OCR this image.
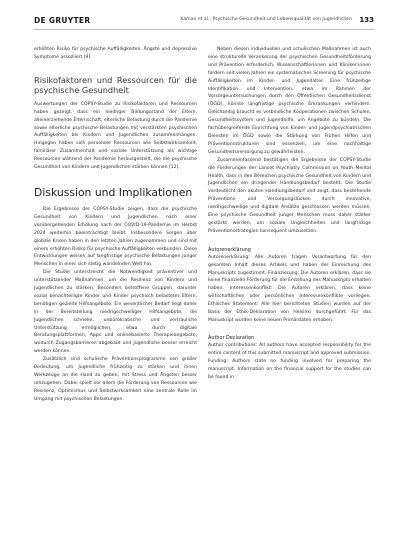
DE GRUYTER	Kaman et al.: Psychische Gesundheit und Lebensqualität von Jugendlichen 133

erhöhten Risiko für psychische Auffälligkeiten, Ängste und depressive Symptome assoziiert [9].

Risikofaktoren und Ressourcen für die psychische Gesundheit

Auswertungen der COPSY-Studie zu Risikofaktoren und Ressourcen haben gezeigt, dass ein niedriger Bildungsstand der Eltern, alleinerziehende Elternschaft, elterliche Belastung durch die Pandemie sowie elterliche psychische Belastungen mit verstärkten psychischen Auffälligkeiten bei Kindern und Jugendlichen zusammenhängen. Hingegen haben sich personale Ressourcen wie Selbstwirksamkeit, familiärer Zusammenhalt und soziale Unterstützung als wichtige Ressourcen während der Pandemie herausgestellt, die die psychische Gesundheit von Kindern und Jugendlichen stärken können [12].

Diskussion und Implikationen

Die Ergebnisse der COPSY-Studie zeigen, dass die psychische Gesundheit von Kindern und Jugendlichen nach einer vorübergehenden Erholung nach der COVID-19-Pandemie im Herbst 2024 weiterhin beeinträchtigt bleibt. Insbesondere Sorgen über globale Krisen haben in den letzten Jahren zugenommen und sind mit einem erhöhten Risiko für psychische Auffälligkeiten verbunden. Diese Entwicklungen weisen auf langfristige psychische Belastungen junger Menschen in einer sich stetig wandelnden Welt hin.

Die Studie unterstreicht die Notwendigkeit präventiver und unterstützender Maßnahmen, um die Resilienz von Kindern und Jugendlichen zu stärken. Besonders betroffene Gruppen, darunter sozial benachteiligte Kinder und Kinder psychisch belasteter Eltern, benötigen gezielte Hilfsangebote. Ein wesentlicher Bedarf liegt daher in der Bereitstellung niedrigschwelliger Hilfsangebote, die Jugendlichen schnelle, unbürokratische und vertrauliche Unterstützung ermöglichen, etwa durch digitale Beratungsplattformen, Apps und onlinebasierte Therapieangebote, wodurch Zugangsbarrieren abgebaut und Jugendliche besser erreicht werden können.

Zusätzlich sind schulische Präventionsprogramme von großer Bedeutung, um Jugendliche frühzeitig zu stärken und ihnen Werkzeuge an die Hand zu geben, mit Stress und Ängsten besser umzugehen. Dabei spielt vor allem die Förderung von Ressourcen wie Resilienz, Optimismus und Selbstwirksamkeit eine zentrale Rolle im Umgang mit psychischen Belastungen.

Neben diesen individuellen und schulischen Maßnahmen ist auch eine strukturelle Verankerung der psychischen Gesundheitsförderung und Prävention erforderlich. Wissenschaftlerinnen und Kliniker:innen fordern seit vielen Jahren ein systematisches Screening für psychische Auffälligkeiten im Kinder- und Jugendalter. Eine frühzeitige Identifikation und Intervention, etwa im Rahmen der Vorsorgeuntersuchungen durch den Öffentlichen Gesundheitsdienst (ÖGD), könnte langfristige psychische Erkrankungen verhindern. Gleichzeitig braucht es verbindliche Kooperationen zwischen Schulen, Gesundheitssystem und Jugendhilfe, um Angebote zu bündeln. Die fachübergreifende Einrichtung von Kinder- und Jugendpsychiatrischen Diensten im ÖGD sowie die Stärkung von Frühen Hilfen und Präventionsstrukturen sind essenziell, um eine nachhaltige Gesundheitsversorgung zu gewährleisten.

Zusammenfassend bestätigen die Ergebnisse der COPSY-Studie die Forderungen der Lancet Psychiatry Commission on Youth Mental Health, dass in den Bereichen psychische Gesundheit von Kindern und Jugendlichen ein dringender Handlungsbedarf besteht. Die Studie verdeutlicht den akuten Handlungsbedarf und zeigt, dass bestehende Präventions- und Versorgungslücken durch innovative, niedrigschwellige und digitale Ansätze geschlossen werden müssen. Eine psychische Gesundheit junger Menschen muss daher stärker gestärkt werden, um soziale Ungleichheiten und langfristige Präventionsstrategien konsequent umzusetzen.

Autorenerklärung

Autorenerklärung: Alle Autoren tragen Verantwortung für den gesamten Inhalt dieses Artikels und haben der Einreichung des Manuskripts zugestimmt. Finanzierung: Die Autoren erklären, dass sie keine finanzielle Förderung für die Erstellung des Manuskripts erhalten haben. Interessenkonflikt: Die Autoren erklären, dass keine wirtschaftlichen oder persönlichen Interessenkonflikte vorliegen. Ethisches Statement: Alle hier berichteten Studien wurden auf der Basis der Ethik-Deklaration von Helsinki durchgeführt. Für das Manuskript wurden keine neuen Primärdaten erhoben.

Author Declaration

Author contributions: All authors have accepted responsibility for the entire content of this submitted manuscript and approved submission. Funding: Authors state no funding involved for preparing the manuscript. Information on the financial support for the studies can be found in
